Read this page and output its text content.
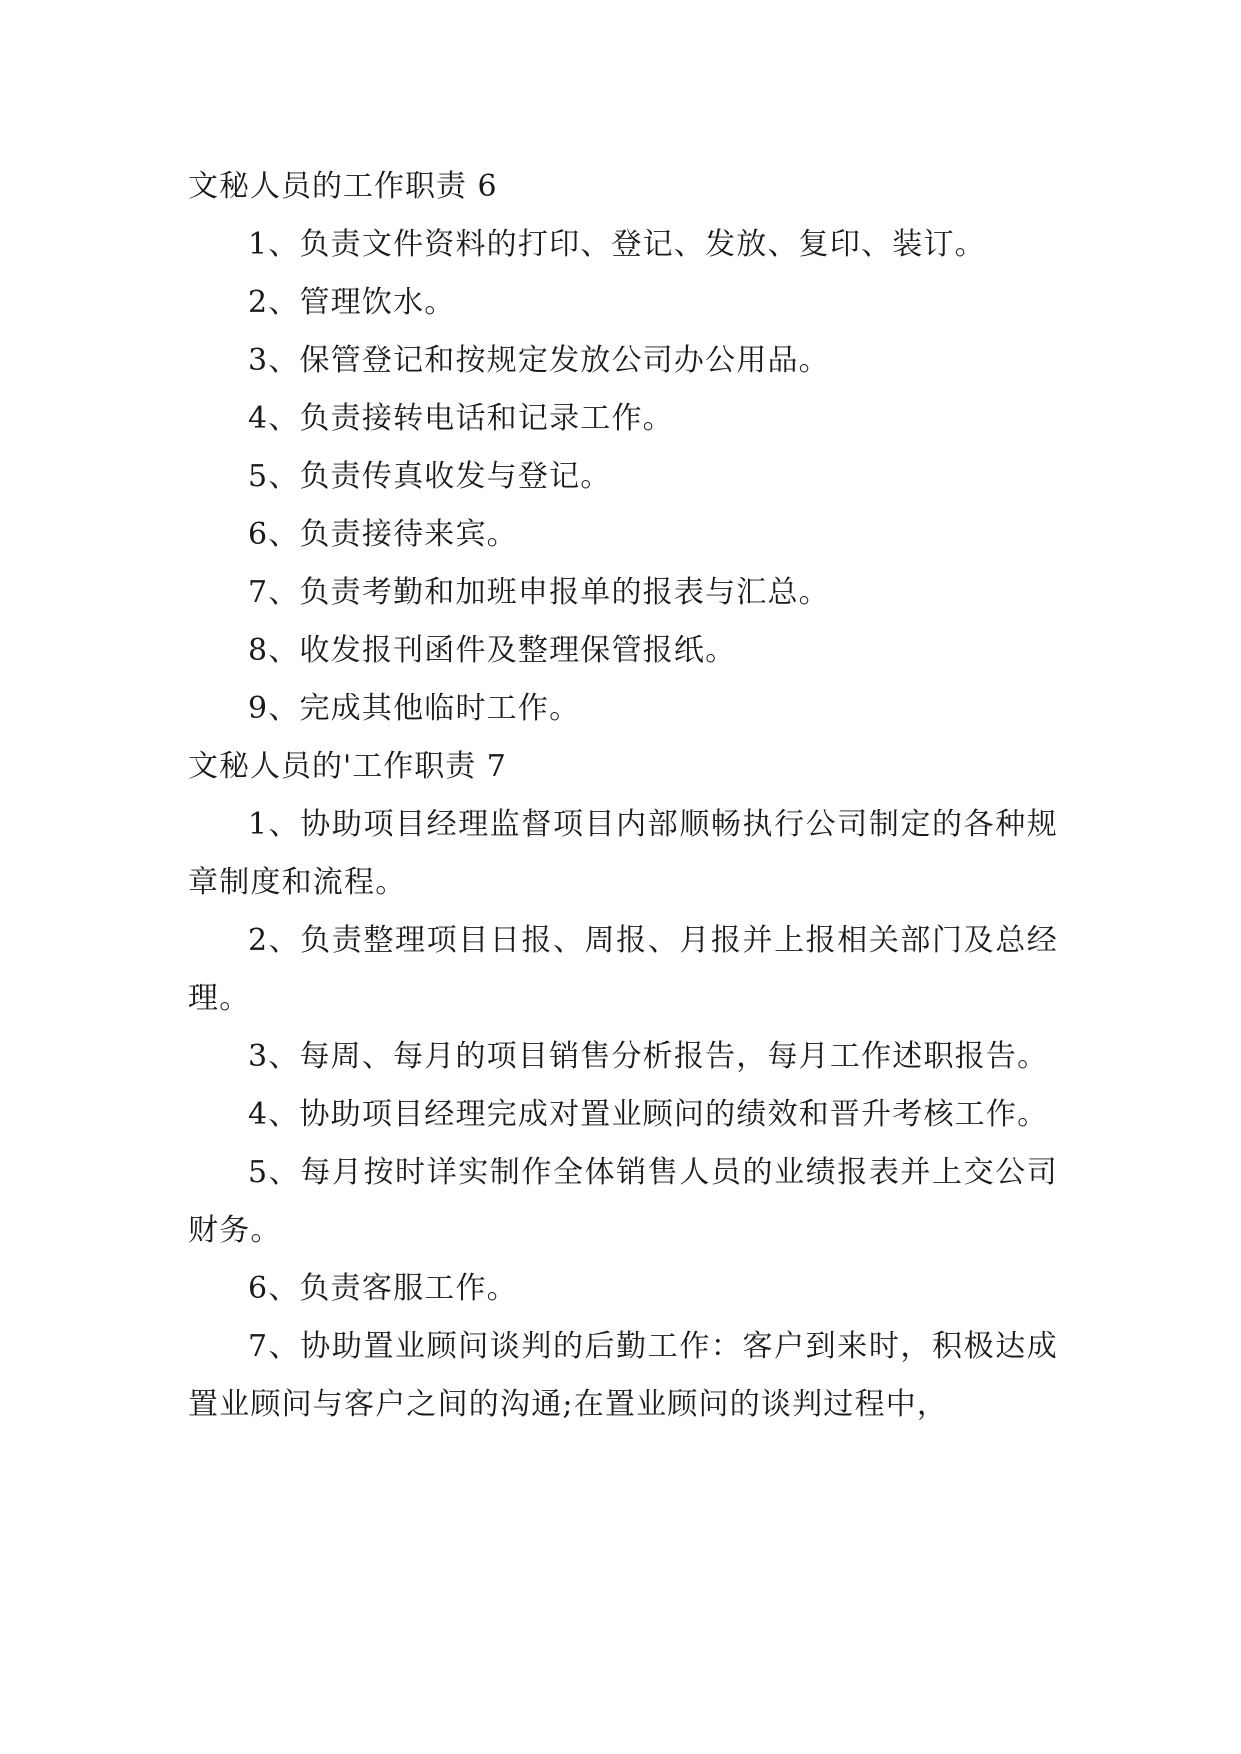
文秘人员的工作职责 6

1、负责文件资料的打印、登记、发放、复印、装订。

2、管理饮水。

3、保管登记和按规定发放公司办公用品。

4、负责接转电话和记录工作。

5、负责传真收发与登记。

6、负责接待来宾。

7、负责考勤和加班申报单的报表与汇总。

8、收发报刊函件及整理保管报纸。

9、完成其他临时工作。

文秘人员的'工作职责 7

1、协助项目经理监督项目内部顺畅执行公司制定的各种规章制度和流程。

2、负责整理项目日报、周报、月报并上报相关部门及总经理。

3、每周、每月的项目销售分析报告，每月工作述职报告。

4、协助项目经理完成对置业顾问的绩效和晋升考核工作。

5、每月按时详实制作全体销售人员的业绩报表并上交公司财务。

6、负责客服工作。

7、协助置业顾问谈判的后勤工作：客户到来时，积极达成置业顾问与客户之间的沟通;在置业顾问的谈判过程中，
